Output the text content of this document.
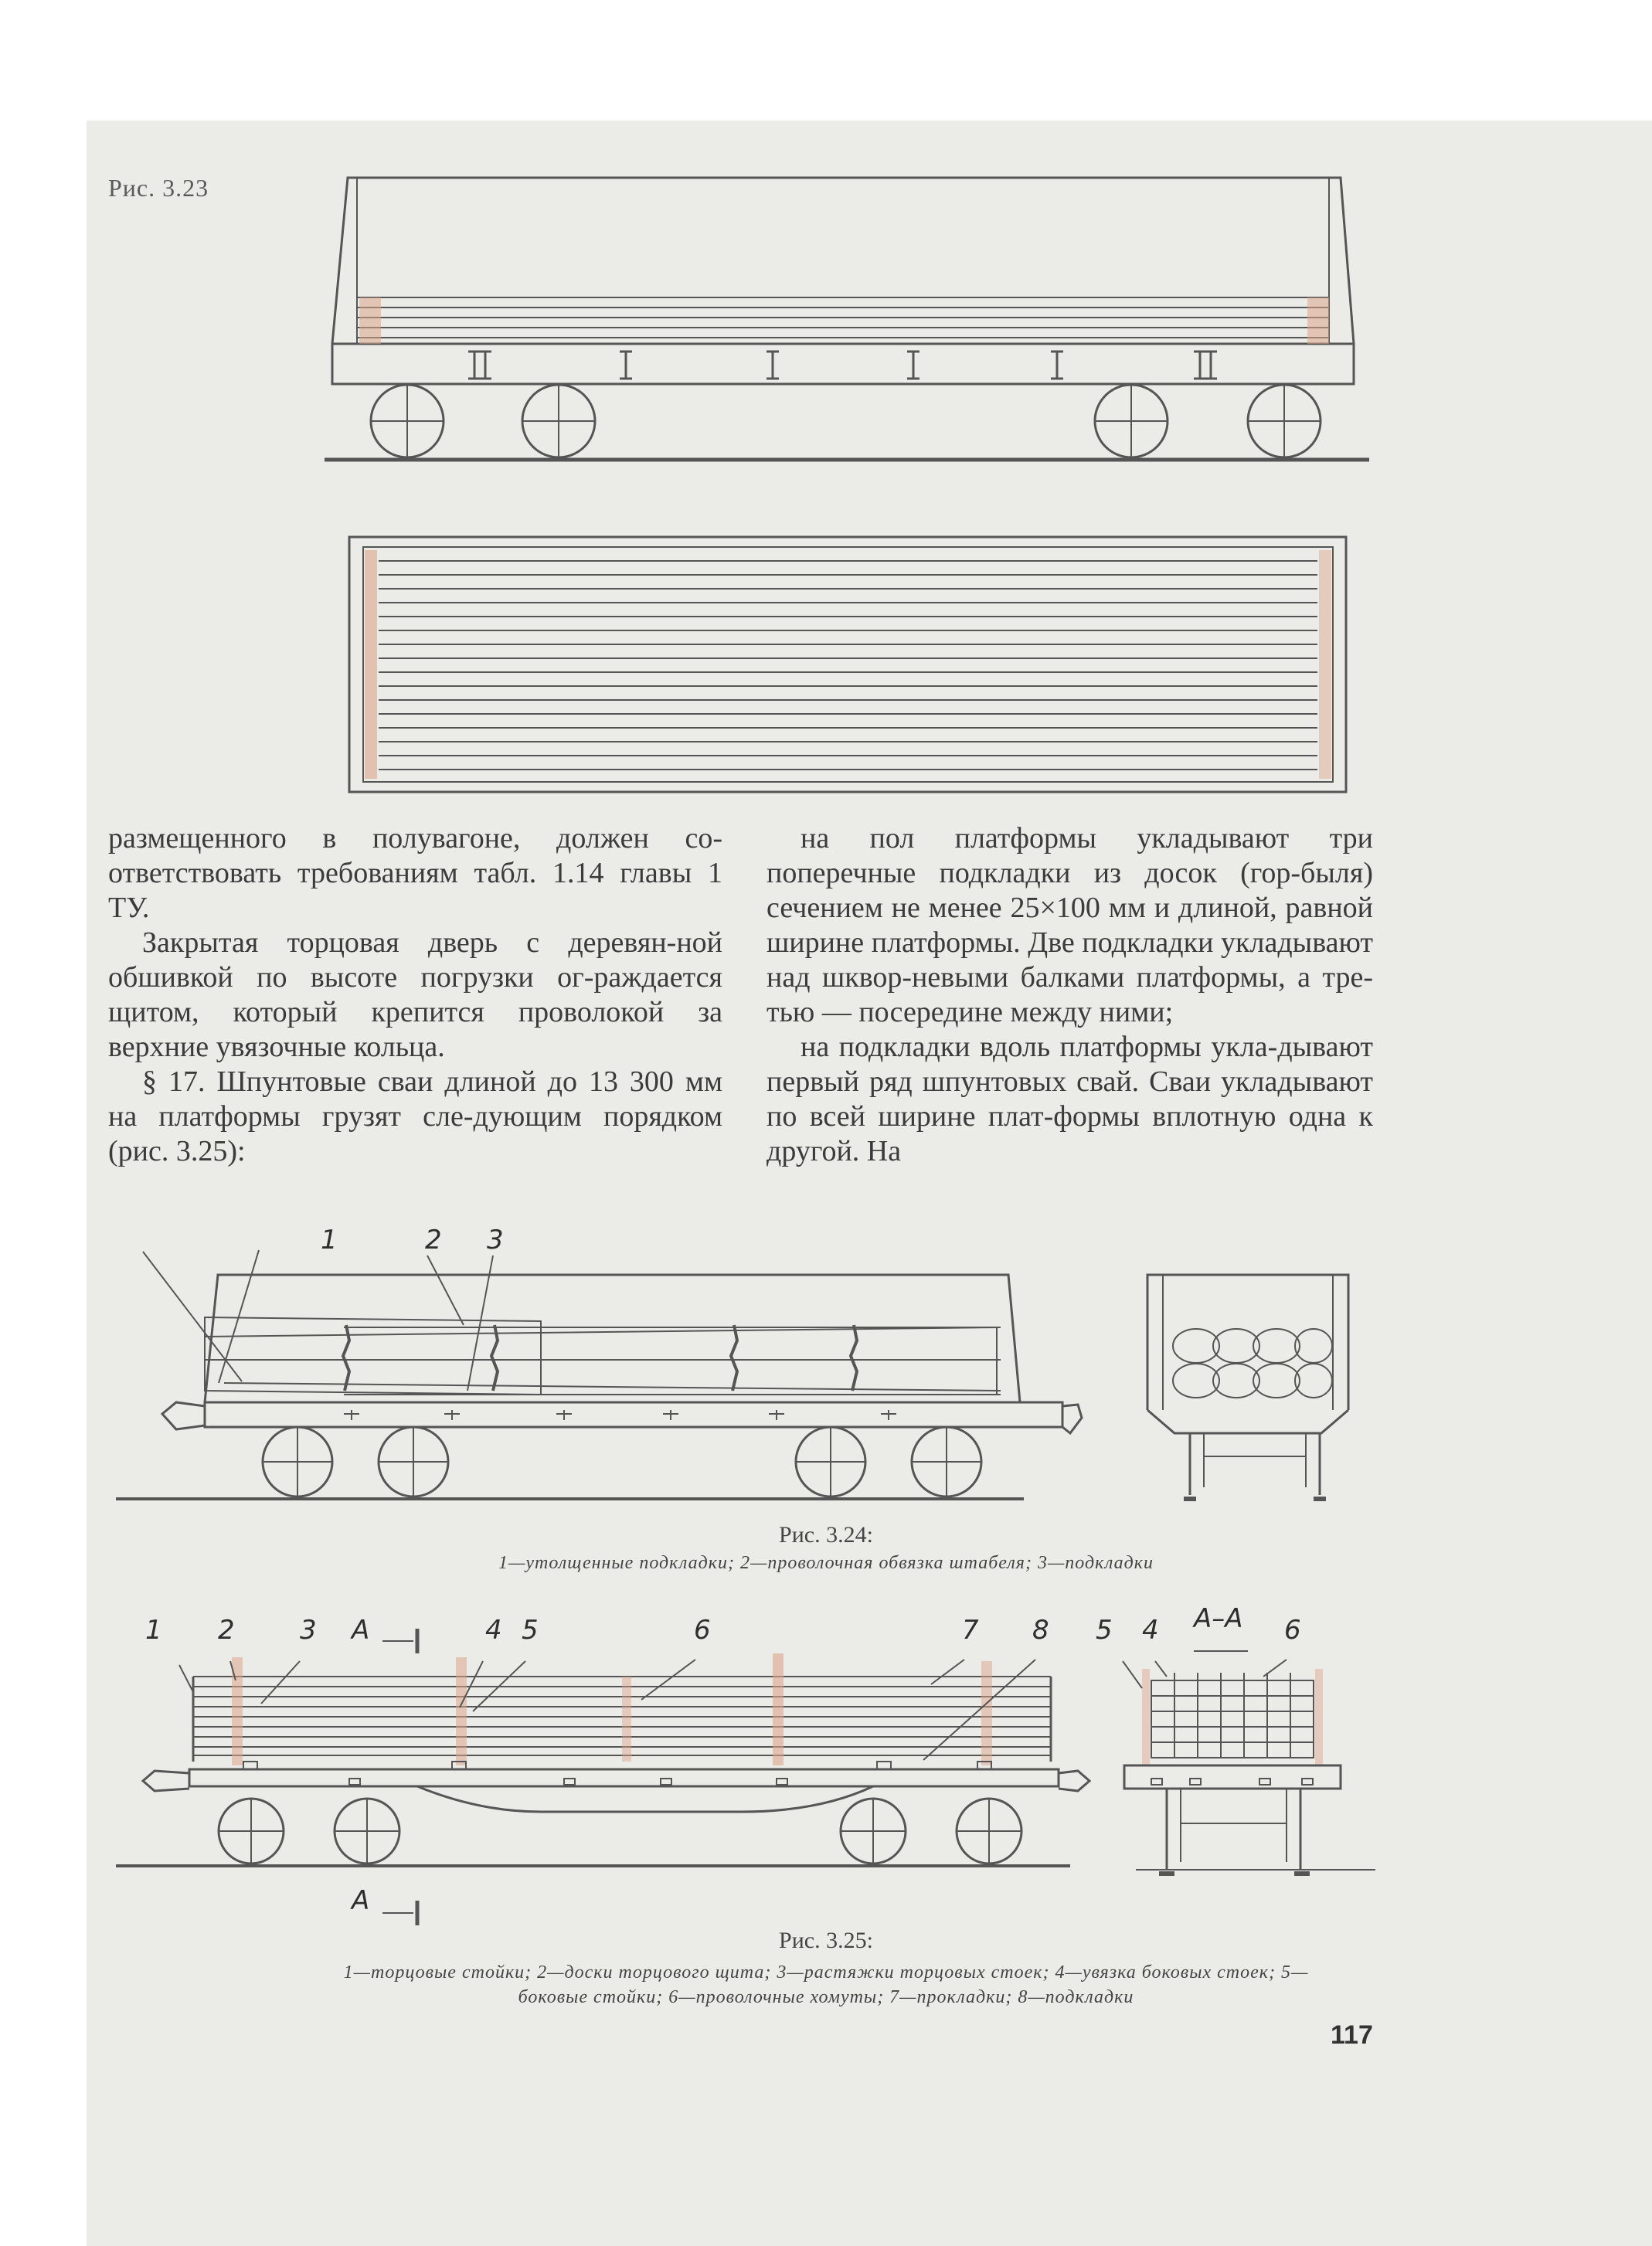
Рис. 3.23

размещенного в полувагоне, должен со-ответствовать требованиям табл. 1.14 главы 1 ТУ.

Закрытая торцовая дверь с деревян-ной обшивкой по высоте погрузки ог-раждается щитом, который крепится проволокой за верхние увязочные кольца.

§ 17. Шпунтовые сваи длиной до 13 300 мм на платформы грузят сле-дующим порядком (рис. 3.25):

на пол платформы укладывают три поперечные подкладки из досок (гор-быля) сечением не менее 25×100 мм и длиной, равной ширине платформы. Две подкладки укладывают над шквор-невыми балками платформы, а тре-тью — посередине между ними;

на подкладки вдоль платформы укла-дывают первый ряд шпунтовых свай. Сваи укладывают по всей ширине плат-формы вплотную одна к другой. На

1	2 3
Рис. 3.24:
1—утолщенные подкладки; 2—проволочная обвязка штабеля; 3—подкладки
1 2 3 А	4 5	6	7 8
А
А–А
5 4	6
Рис. 3.25:
1—торцовые стойки; 2—доски торцового щита; 3—растяжки торцовых стоек; 4—увязка боковых стоек; 5—
боковые стойки; 6—проволочные хомуты; 7—прокладки; 8—подкладки
117
